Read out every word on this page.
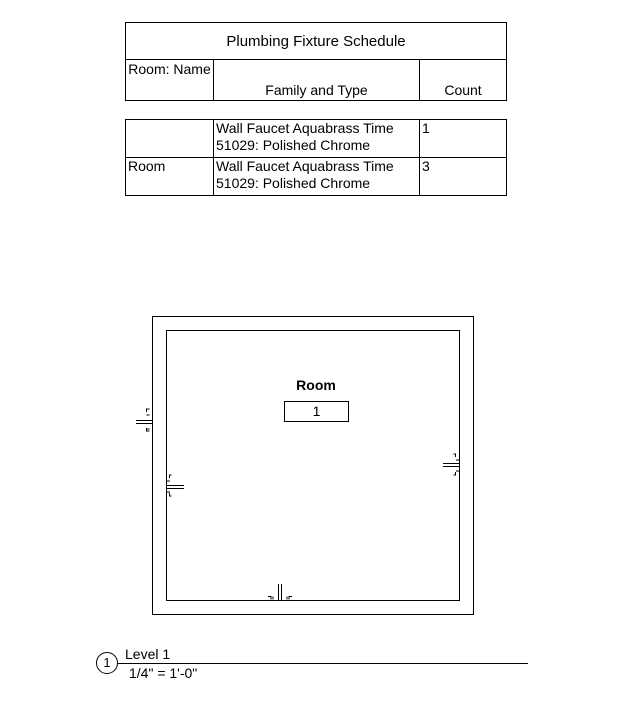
Plumbing Fixture Schedule
Room: Name	Family and Type	Count
	Wall Faucet Aquabrass Time 51029: Polished Chrome	1
Room	Wall Faucet Aquabrass Time 51029: Polished Chrome	3
Room
1
1
Level 1
1/4" = 1'-0"
